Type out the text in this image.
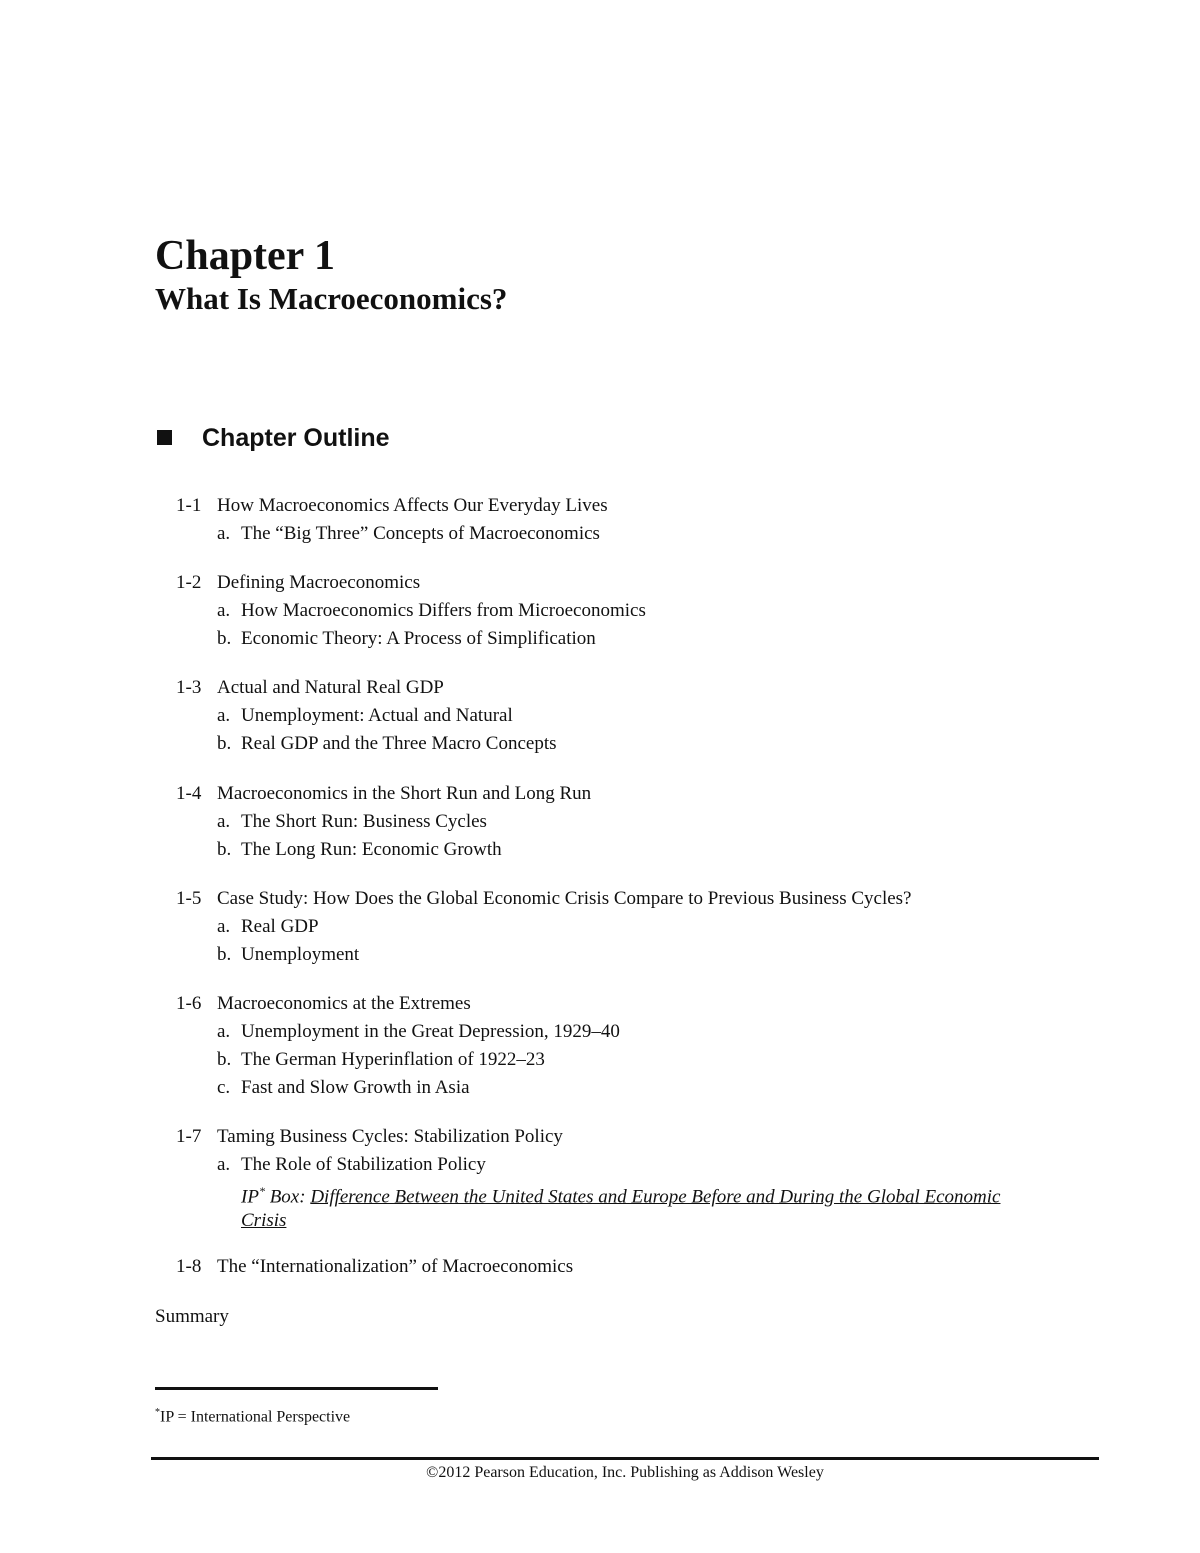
Chapter 1
What Is Macroeconomics?
Chapter Outline
1-1 How Macroeconomics Affects Our Everyday Lives
a. The “Big Three” Concepts of Macroeconomics
1-2 Defining Macroeconomics
a. How Macroeconomics Differs from Microeconomics
b. Economic Theory: A Process of Simplification
1-3 Actual and Natural Real GDP
a. Unemployment: Actual and Natural
b. Real GDP and the Three Macro Concepts
1-4 Macroeconomics in the Short Run and Long Run
a. The Short Run: Business Cycles
b. The Long Run: Economic Growth
1-5 Case Study: How Does the Global Economic Crisis Compare to Previous Business Cycles?
a. Real GDP
b. Unemployment
1-6 Macroeconomics at the Extremes
a. Unemployment in the Great Depression, 1929–40
b. The German Hyperinflation of 1922–23
c. Fast and Slow Growth in Asia
1-7 Taming Business Cycles: Stabilization Policy
a. The Role of Stabilization Policy
IP* Box: Difference Between the United States and Europe Before and During the Global Economic Crisis
1-8 The “Internationalization” of Macroeconomics
Summary
*IP = International Perspective
©2012 Pearson Education, Inc. Publishing as Addison Wesley
